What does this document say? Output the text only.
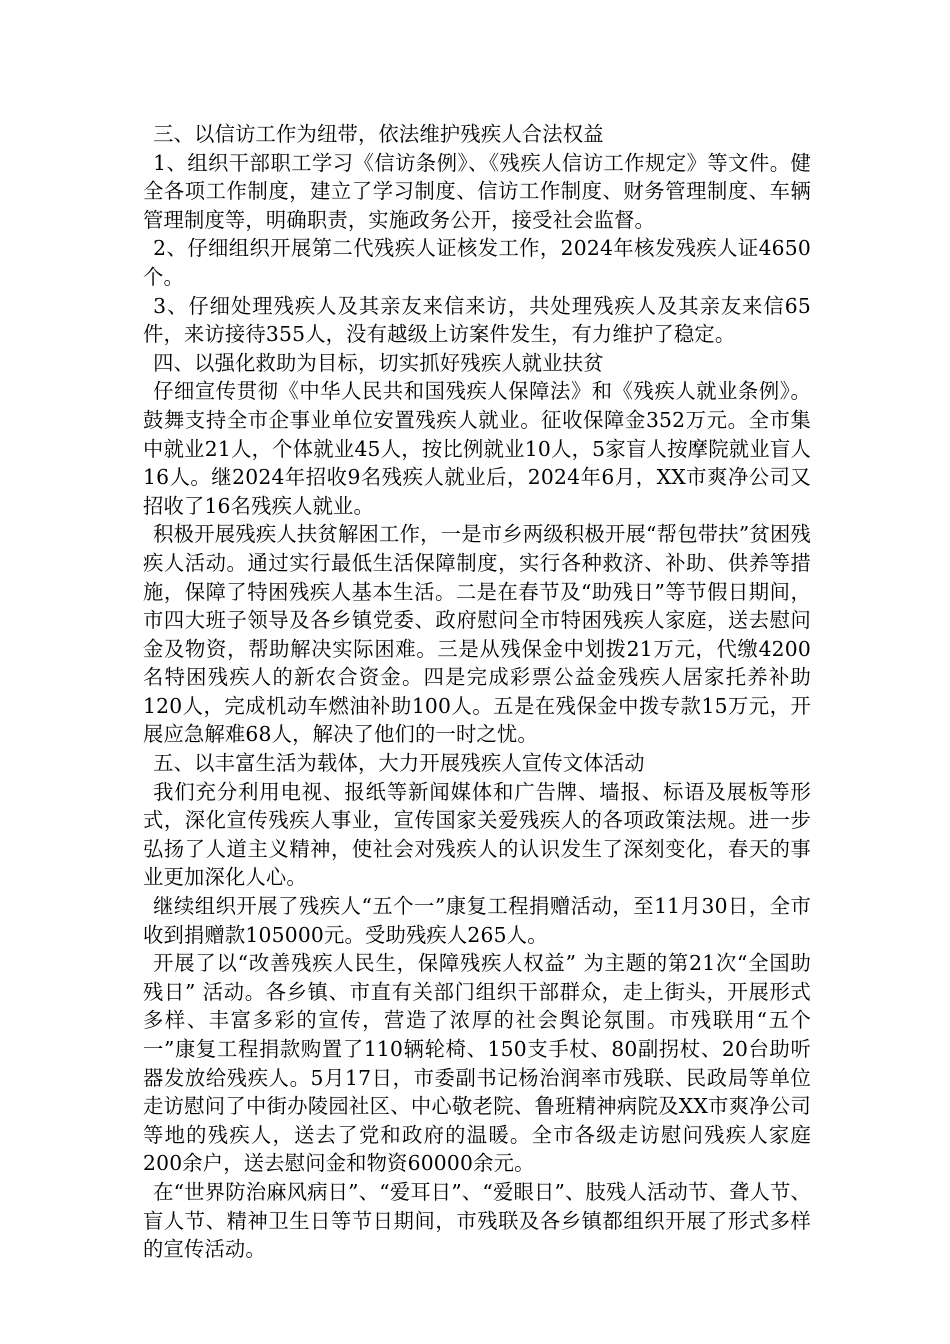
三、以信访工作为纽带，依法维护残疾人合法权益

1、组织干部职工学习《信访条例》、《残疾人信访工作规定》等文件。健全各项工作制度，建立了学习制度、信访工作制度、财务管理制度、车辆管理制度等，明确职责，实施政务公开，接受社会监督。

2、仔细组织开展第二代残疾人证核发工作，2024年核发残疾人证4650个。

3、仔细处理残疾人及其亲友来信来访，共处理残疾人及其亲友来信65件，来访接待355人，没有越级上访案件发生，有力维护了稳定。

四、以强化救助为目标，切实抓好残疾人就业扶贫

仔细宣传贯彻《中华人民共和国残疾人保障法》和《残疾人就业条例》。鼓舞支持全市企事业单位安置残疾人就业。征收保障金352万元。全市集中就业21人，个体就业45人，按比例就业10人，5家盲人按摩院就业盲人16人。继2024年招收9名残疾人就业后，2024年6月，XX市爽净公司又招收了16名残疾人就业。

积极开展残疾人扶贫解困工作，一是市乡两级积极开展“帮包带扶”贫困残疾人活动。通过实行最低生活保障制度，实行各种救济、补助、供养等措施，保障了特困残疾人基本生活。二是在春节及“助残日”等节假日期间，市四大班子领导及各乡镇党委、政府慰问全市特困残疾人家庭，送去慰问金及物资，帮助解决实际困难。三是从残保金中划拨21万元，代缴4200名特困残疾人的新农合资金。四是完成彩票公益金残疾人居家托养补助120人，完成机动车燃油补助100人。五是在残保金中拨专款15万元，开展应急解难68人，解决了他们的一时之忧。

五、以丰富生活为载体，大力开展残疾人宣传文体活动

我们充分利用电视、报纸等新闻媒体和广告牌、墙报、标语及展板等形式，深化宣传残疾人事业，宣传国家关爱残疾人的各项政策法规。进一步弘扬了人道主义精神，使社会对残疾人的认识发生了深刻变化，春天的事业更加深化人心。

继续组织开展了残疾人“五个一”康复工程捐赠活动，至11月30日，全市收到捐赠款105000元。受助残疾人265人。

开展了以“改善残疾人民生，保障残疾人权益” 为主题的第21次“全国助残日” 活动。各乡镇、市直有关部门组织干部群众，走上街头，开展形式多样、丰富多彩的宣传，营造了浓厚的社会舆论氛围。市残联用“五个一”康复工程捐款购置了110辆轮椅、150支手杖、80副拐杖、20台助听器发放给残疾人。5月17日，市委副书记杨治润率市残联、民政局等单位走访慰问了中街办陵园社区、中心敬老院、鲁班精神病院及XX市爽净公司等地的残疾人，送去了党和政府的温暖。全市各级走访慰问残疾人家庭200余户，送去慰问金和物资60000余元。

在“世界防治麻风病日”、“爱耳日”、“爱眼日”、肢残人活动节、聋人节、盲人节、精神卫生日等节日期间，市残联及各乡镇都组织开展了形式多样的宣传活动。
